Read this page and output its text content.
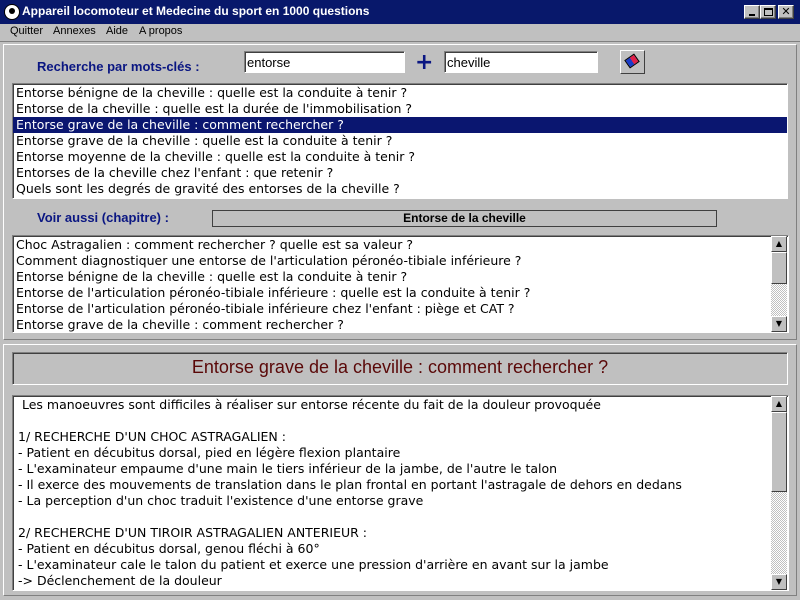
Appareil locomoteur et Medecine du sport en 1000 questions	✕
Quitter Annexes Aide A propos
Recherche par mots-clés :	entorse	+ cheville
Entorse bénigne de la cheville : quelle est la conduite à tenir ?
Entorse de la cheville : quelle est la durée de l'immobilisation ?
Entorse grave de la cheville : comment rechercher ?
Entorse grave de la cheville : quelle est la conduite à tenir ?
Entorse moyenne de la cheville : quelle est la conduite à tenir ?
Entorses de la cheville chez l'enfant : que retenir ?
Quels sont les degrés de gravité des entorses de la cheville ?
Voir aussi (chapitre) :	Entorse de la cheville
Choc Astragalien : comment rechercher ? quelle est sa valeur ?
Comment diagnostiquer une entorse de l'articulation péronéo-tibiale inférieure ?
Entorse bénigne de la cheville : quelle est la conduite à tenir ?
Entorse de l'articulation péronéo-tibiale inférieure : quelle est la conduite à tenir ?
Entorse de l'articulation péronéo-tibiale inférieure chez l'enfant : piège et CAT ?
Entorse grave de la cheville : comment rechercher ?
▲
▼
Entorse grave de la cheville : comment rechercher ?
Les manoeuvres sont difficiles à réaliser sur entorse récente du fait de la douleur provoquée
1/ RECHERCHE D'UN CHOC ASTRAGALIEN :
- Patient en décubitus dorsal, pied en légère flexion plantaire
- L'examinateur empaume d'une main le tiers inférieur de la jambe, de l'autre le talon
- Il exerce des mouvements de translation dans le plan frontal en portant l'astragale de dehors en dedans
- La perception d'un choc traduit l'existence d'une entorse grave
2/ RECHERCHE D'UN TIROIR ASTRAGALIEN ANTERIEUR :
- Patient en décubitus dorsal, genou fléchi à 60°
- L'examinateur cale le talon du patient et exerce une pression d'arrière en avant sur la jambe
-> Déclenchement de la douleur
▲
▼
